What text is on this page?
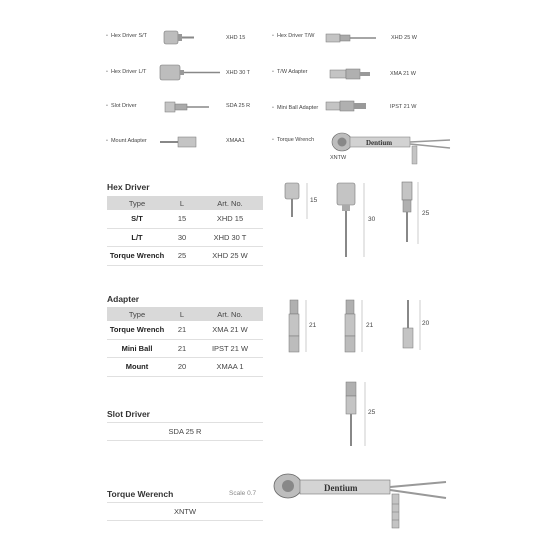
• Hex Driver S/T	XHD 15	• Hex Driver T/W	XHD 25 W
• Hex Driver L/T	XHD 30 T	• T/W Adapter	XMA 21 W
• Slot Driver	SDA 25 R	• Mini Ball Adapter	IPST 21 W
• Mount Adapter	XMAA1	• Torque Wrench
XNTW
Dentium
Hex Driver
Type	L	Art. No.
S/T	15	XHD 15
L/T	30	XHD 30 T
Torque Wrench	25	XHD 25 W
15
30
25
Adapter
Type	L	Art. No.
Torque Wrench	21	XMA 21 W
Mini Ball	21	IPST 21 W
Mount	20	XMAA 1
21	21	20
Slot Driver
SDA 25 R
25
Torque Werench	Scale 0.7
XNTW
Dentium
